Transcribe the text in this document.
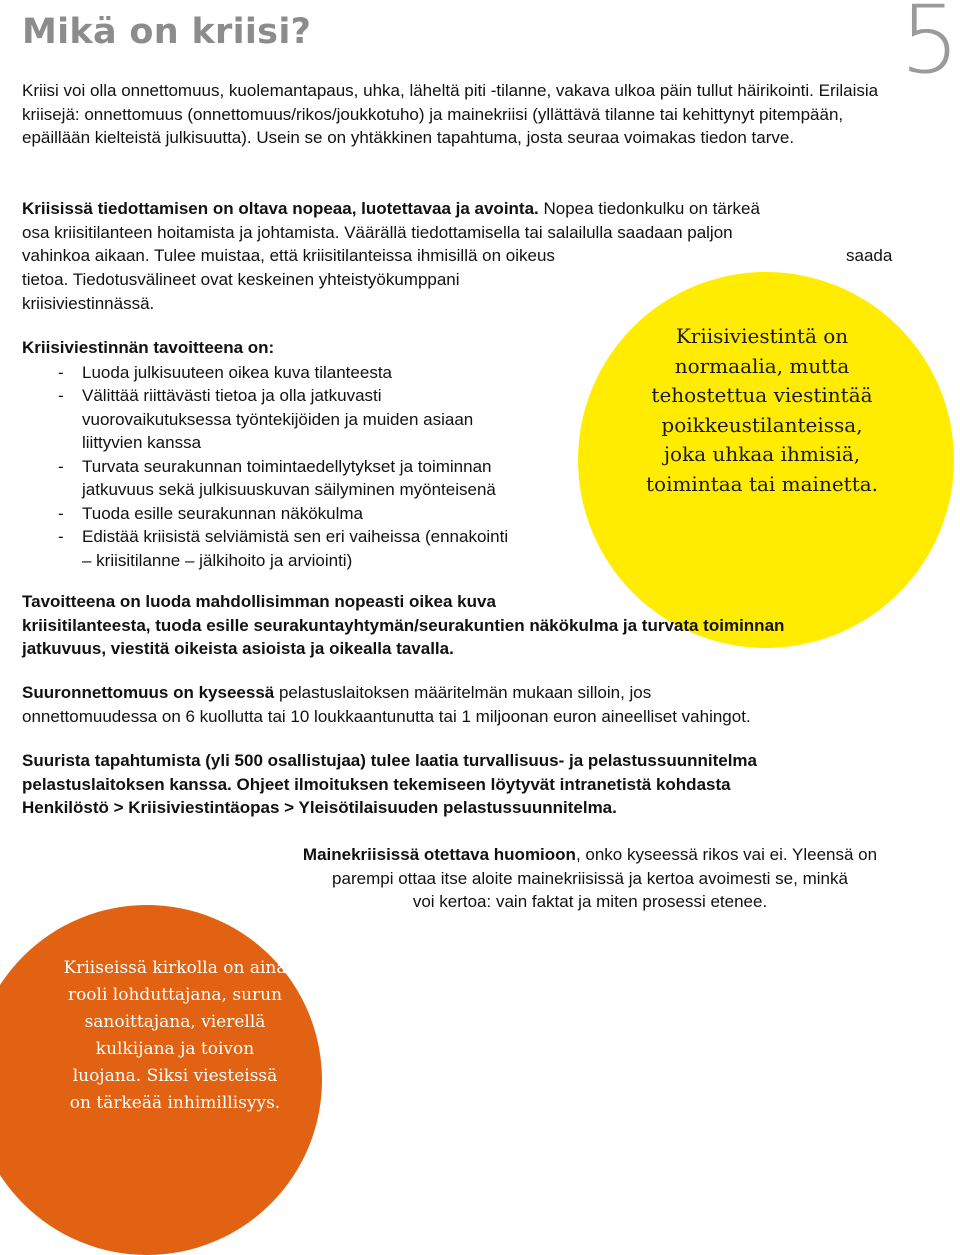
Mikä on kriisi?	5

Kriisi voi olla onnettomuus, kuolemantapaus, uhka, läheltä piti -tilanne, vakava ulkoa päin tullut häirikointi. Erilaisia kriisejä: onnettomuus (onnettomuus/rikos/joukkotuho) ja mainekriisi (yllättävä tilanne tai kehittynyt pitempään, epäillään kielteistä julkisuutta). Usein se on yhtäkkinen tapahtuma, josta seuraa voimakas tiedon tarve.

Kriisissä tiedottamisen on oltava nopeaa, luotettavaa ja avointa. Nopea tiedonkulku on tärkeä
osa kriisitilanteen hoitamista ja johtamista. Väärällä tiedottamisella tai salailulla saadaan paljon
vahinkoa aikaan. Tulee muistaa, että kriisitilanteissa ihmisillä on oikeus	saada
tietoa. Tiedotusvälineet ovat keskeinen yhteistyökumppani
kriisiviestinnässä.
Kriisiviestinnän tavoitteena on:
- Luoda julkisuuteen oikea kuva tilanteesta
- Välittää riittävästi tietoa ja olla jatkuvasti
vuorovaikutuksessa työntekijöiden ja muiden asiaan
liittyvien kanssa
- Turvata seurakunnan toimintaedellytykset ja toiminnan
jatkuvuus sekä julkisuuskuvan säilyminen myönteisenä
- Tuoda esille seurakunnan näkökulma
- Edistää kriisistä selviämistä sen eri vaiheissa (ennakointi
– kriisitilanne – jälkihoito ja arviointi)
Kriisiviestintä on
normaalia, mutta
tehostettua viestintää
poikkeustilanteissa,
joka uhkaa ihmisiä,
toimintaa tai mainetta.
Tavoitteena on luoda mahdollisimman nopeasti oikea kuva
kriisitilanteesta, tuoda esille seurakuntayhtymän/seurakuntien näkökulma ja turvata toiminnan
jatkuvuus, viestitä oikeista asioista ja oikealla tavalla.
Suuronnettomuus on kyseessä pelastuslaitoksen määritelmän mukaan silloin, jos
onnettomuudessa on 6 kuollutta tai 10 loukkaantunutta tai 1 miljoonan euron aineelliset vahingot.
Suurista tapahtumista (yli 500 osallistujaa) tulee laatia turvallisuus- ja pelastussuunnitelma
pelastuslaitoksen kanssa. Ohjeet ilmoituksen tekemiseen löytyvät intranetistä kohdasta
Henkilöstö > Kriisiviestintäopas > Yleisötilaisuuden pelastussuunnitelma.
Mainekriisissä otettava huomioon, onko kyseessä rikos vai ei. Yleensä on
parempi ottaa itse aloite mainekriisissä ja kertoa avoimesti se, minkä
voi kertoa: vain faktat ja miten prosessi etenee.
Kriiseissä kirkolla on aina
rooli lohduttajana, surun
sanoittajana, vierellä
kulkijana ja toivon
luojana. Siksi viesteissä
on tärkeää inhimillisyys.
